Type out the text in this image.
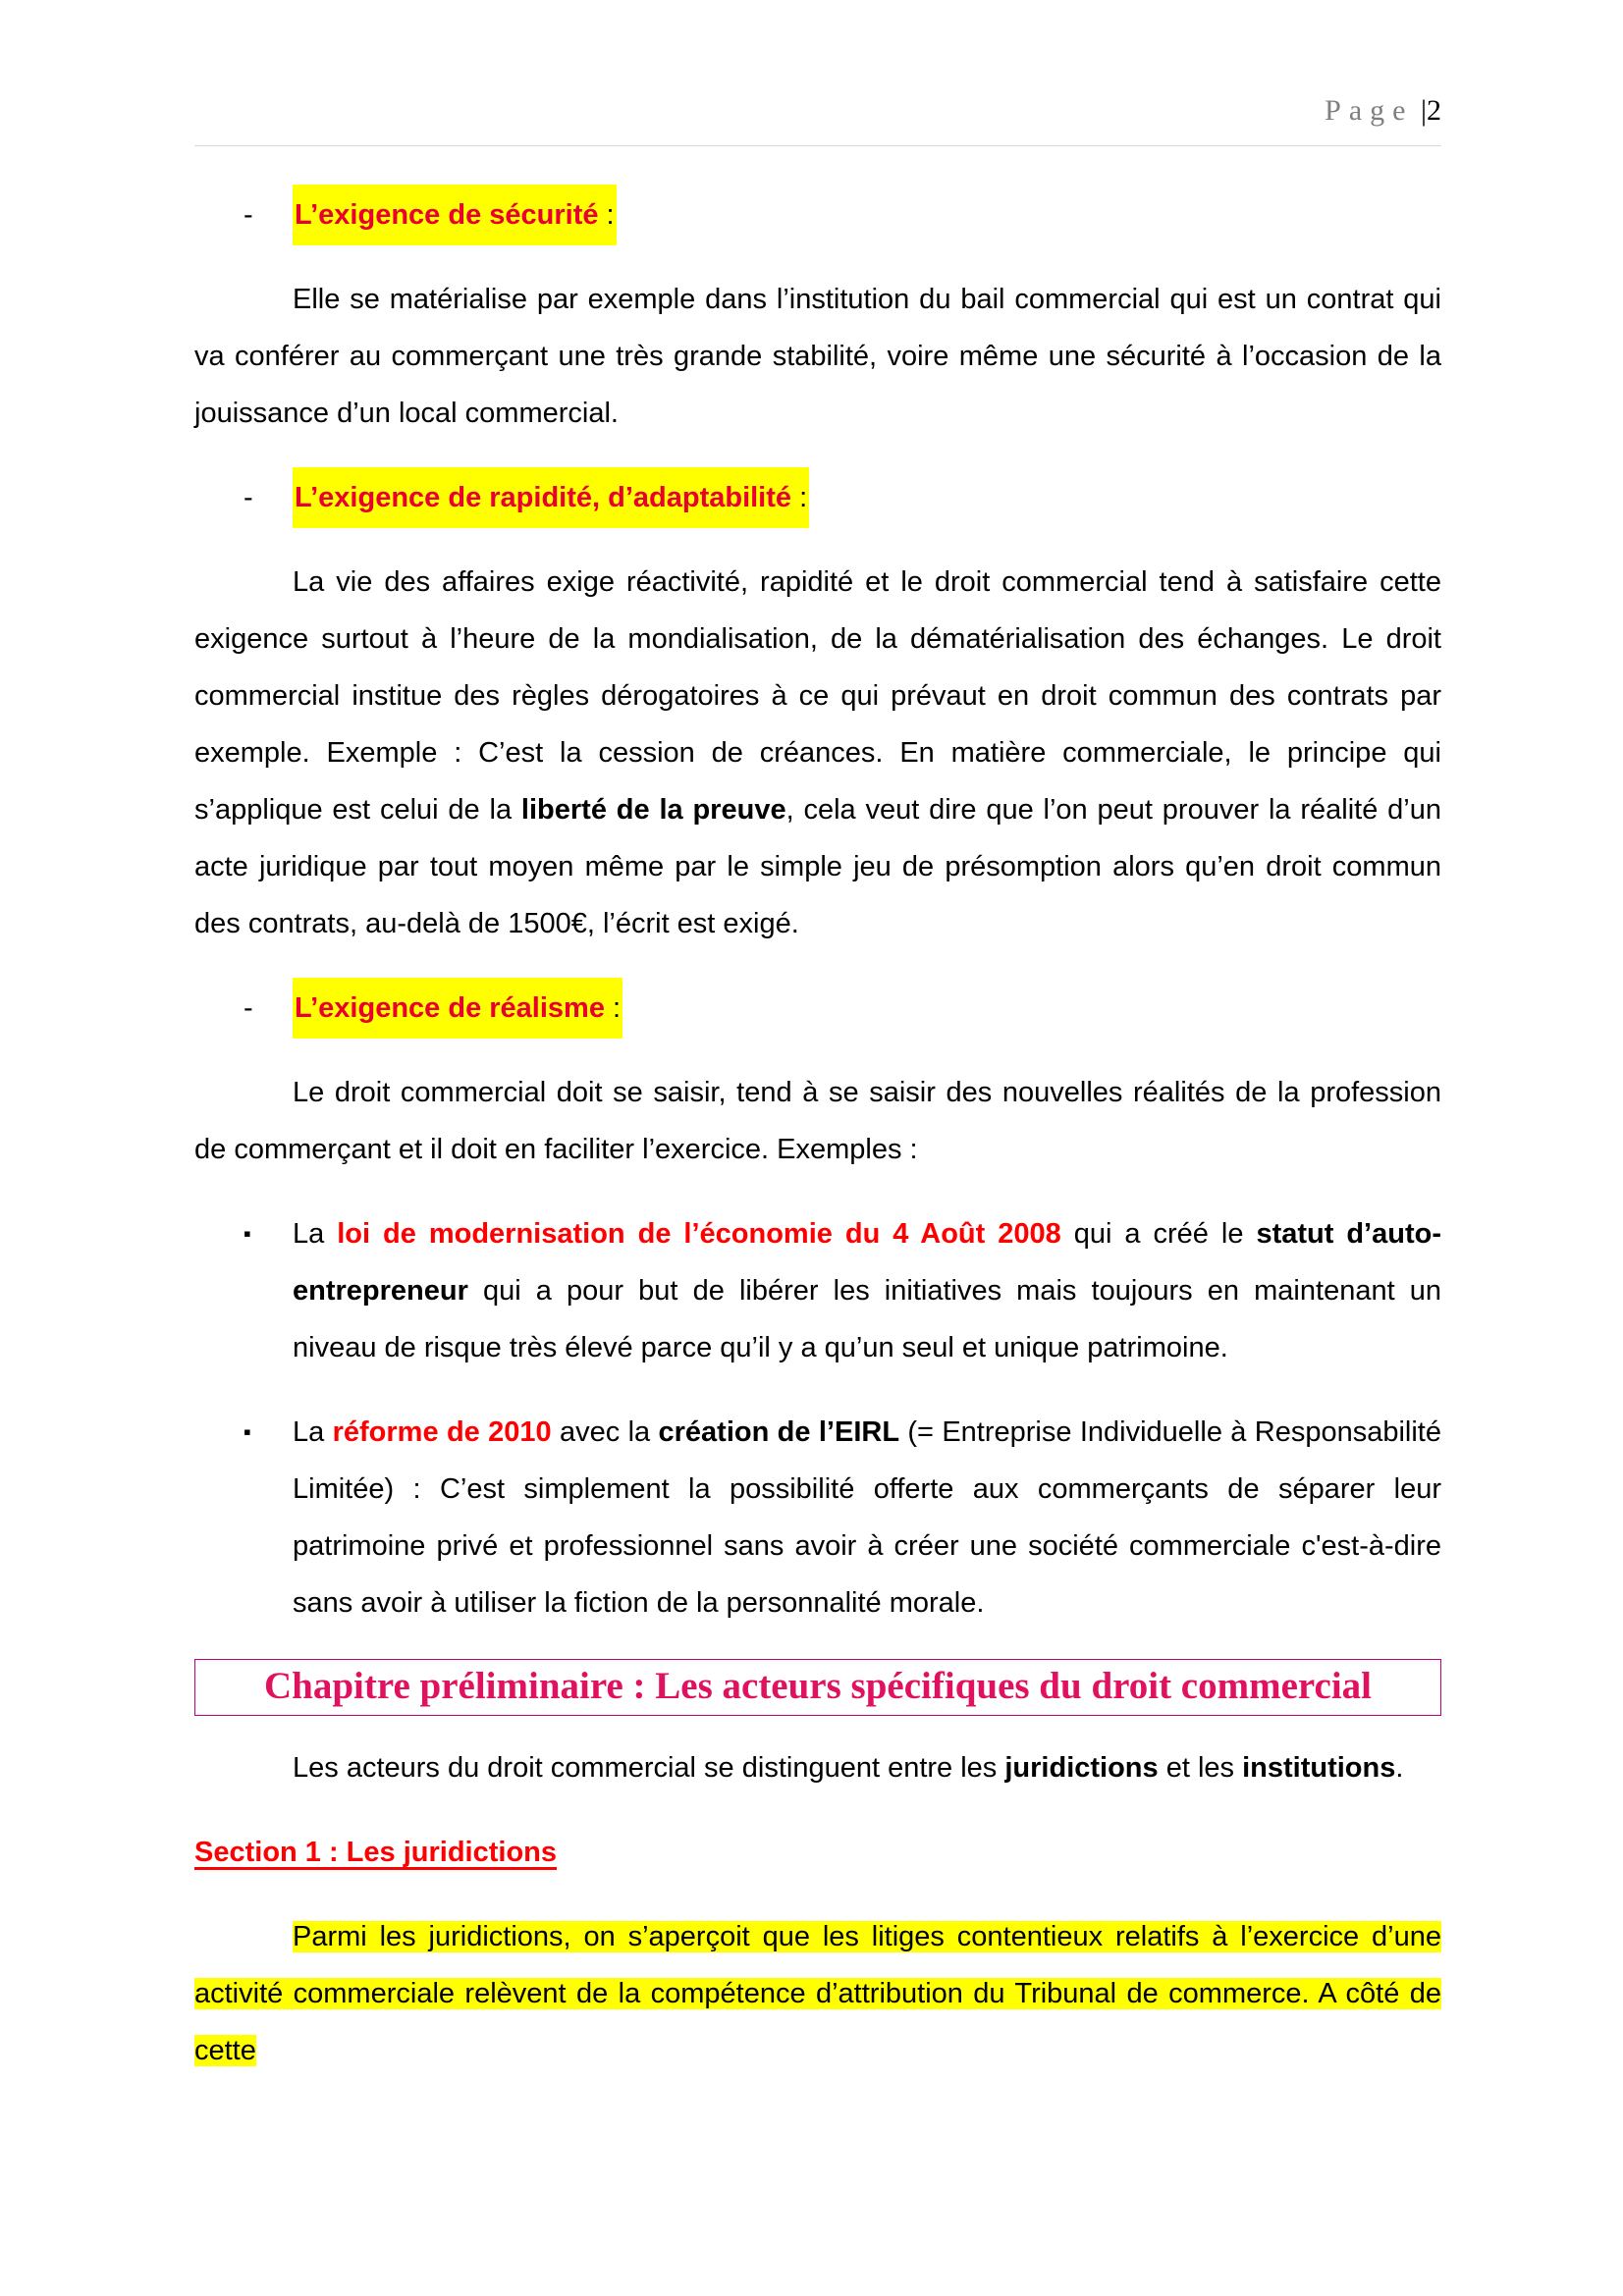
Page |2
-	L’exigence de sécurité :

Elle se matérialise par exemple dans l’institution du bail commercial qui est un contrat qui va conférer au commerçant une très grande stabilité, voire même une sécurité à l’occasion de la jouissance d’un local commercial.

-	L’exigence de rapidité, d’adaptabilité :

La vie des affaires exige réactivité, rapidité et le droit commercial tend à satisfaire cette exigence surtout à l’heure de la mondialisation, de la dématérialisation des échanges. Le droit commercial institue des règles dérogatoires à ce qui prévaut en droit commun des contrats par exemple. Exemple : C’est la cession de créances. En matière commerciale, le principe qui s’applique est celui de la liberté de la preuve, cela veut dire que l’on peut prouver la réalité d’un acte juridique par tout moyen même par le simple jeu de présomption alors qu’en droit commun des contrats, au-delà de 1500€, l’écrit est exigé.

-	L’exigence de réalisme :

Le droit commercial doit se saisir, tend à se saisir des nouvelles réalités de la profession de commerçant et il doit en faciliter l’exercice. Exemples :

▪	La loi de modernisation de l’économie du 4 Août 2008 qui a créé le statut d’auto-entrepreneur qui a pour but de libérer les initiatives mais toujours en maintenant un niveau de risque très élevé parce qu’il y a qu’un seul et unique patrimoine.
▪	La réforme de 2010 avec la création de l’EIRL (= Entreprise Individuelle à Responsabilité Limitée) : C’est simplement la possibilité offerte aux commerçants de séparer leur patrimoine privé et professionnel sans avoir à créer une société commerciale c'est-à-dire sans avoir à utiliser la fiction de la personnalité morale.
Chapitre préliminaire : Les acteurs spécifiques du droit commercial

Les acteurs du droit commercial se distinguent entre les juridictions et les institutions.

Section 1 : Les juridictions

Parmi les juridictions, on s’aperçoit que les litiges contentieux relatifs à l’exercice d’une activité commerciale relèvent de la compétence d’attribution du Tribunal de commerce. A côté de cette
